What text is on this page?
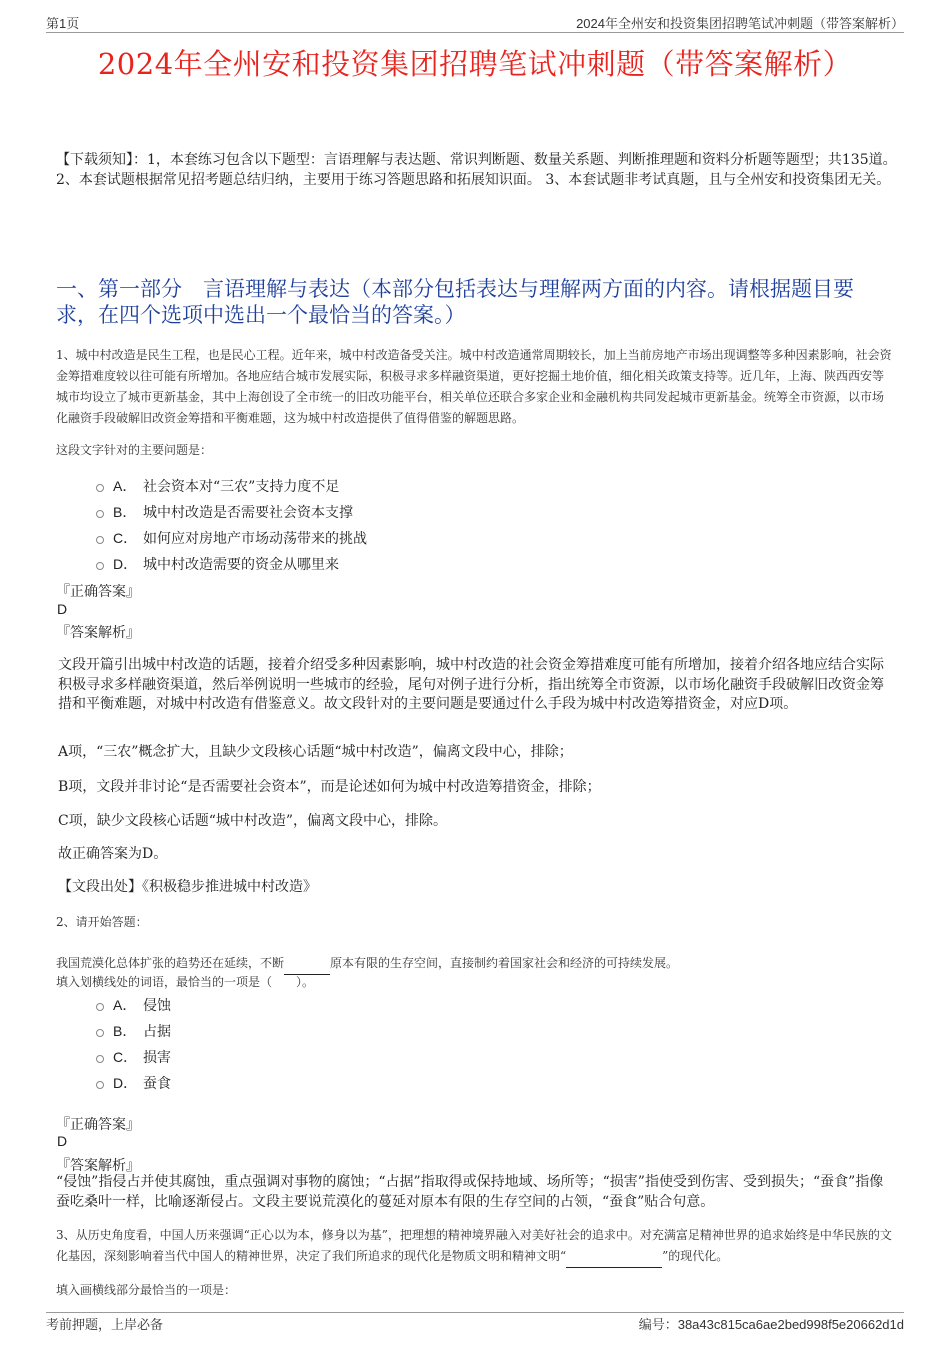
第1页	2024年全州安和投资集团招聘笔试冲刺题（带答案解析）
2024年全州安和投资集团招聘笔试冲刺题（带答案解析）
【下载须知】：1，本套练习包含以下题型：言语理解与表达题、常识判断题、数量关系题、判断推理题和资料分析题等题型；共135道。 2、本套试题根据常见招考题总结归纳，主要用于练习答题思路和拓展知识面。 3、本套试题非考试真题，且与全州安和投资集团无关。
一、第一部分　言语理解与表达（本部分包括表达与理解两方面的内容。请根据题目要求，在四个选项中选出一个最恰当的答案。）
1、城中村改造是民生工程，也是民心工程。近年来，城中村改造备受关注。城中村改造通常周期较长，加上当前房地产市场出现调整等多种因素影响，社会资金筹措难度较以往可能有所增加。各地应结合城市发展实际，积极寻求多样融资渠道，更好挖掘土地价值，细化相关政策支持等。近几年，上海、陕西西安等城市均设立了城市更新基金，其中上海创设了全市统一的旧改功能平台，相关单位还联合多家企业和金融机构共同发起城市更新基金。统筹全市资源，以市场化融资手段破解旧改资金筹措和平衡难题，这为城中村改造提供了值得借鉴的解题思路。
这段文字针对的主要问题是：
A． 社会资本对“三农”支持力度不足
B． 城中村改造是否需要社会资本支撑
C． 如何应对房地产市场动荡带来的挑战
D． 城中村改造需要的资金从哪里来
『正确答案』
D
『答案解析』
文段开篇引出城中村改造的话题，接着介绍受多种因素影响，城中村改造的社会资金筹措难度可能有所增加，接着介绍各地应结合实际积极寻求多样融资渠道，然后举例说明一些城市的经验，尾句对例子进行分析，指出统筹全市资源，以市场化融资手段破解旧改资金筹措和平衡难题，对城中村改造有借鉴意义。故文段针对的主要问题是要通过什么手段为城中村改造筹措资金，对应D项。
A项，“三农”概念扩大，且缺少文段核心话题“城中村改造”，偏离文段中心，排除；
B项，文段并非讨论“是否需要社会资本”，而是论述如何为城中村改造筹措资金，排除；
C项，缺少文段核心话题“城中村改造”，偏离文段中心，排除。
故正确答案为D。
【文段出处】《积极稳步推进城中村改造》
2、请开始答题：
我国荒漠化总体扩张的趋势还在延续，不断	原本有限的生存空间，直接制约着国家社会和经济的可持续发展。
填入划横线处的词语，最恰当的一项是（　　）。
A． 侵蚀
B． 占据
C． 损害
D． 蚕食
『正确答案』
D
『答案解析』
“侵蚀”指侵占并使其腐蚀，重点强调对事物的腐蚀；“占据”指取得或保持地域、场所等；“损害”指使受到伤害、受到损失；“蚕食”指像蚕吃桑叶一样，比喻逐渐侵占。文段主要说荒漠化的蔓延对原本有限的生存空间的占领，“蚕食”贴合句意。
3、从历史角度看，中国人历来强调“正心以为本，修身以为基”，把理想的精神境界融入对美好社会的追求中。对充满富足精神世界的追求始终是中华民族的文化基因，深刻影响着当代中国人的精神世界，决定了我们所追求的现代化是物质文明和精神文明“	”的现代化。
填入画横线部分最恰当的一项是：
考前押题，上岸必备	编号：38a43c815ca6ae2bed998f5e20662d1d
